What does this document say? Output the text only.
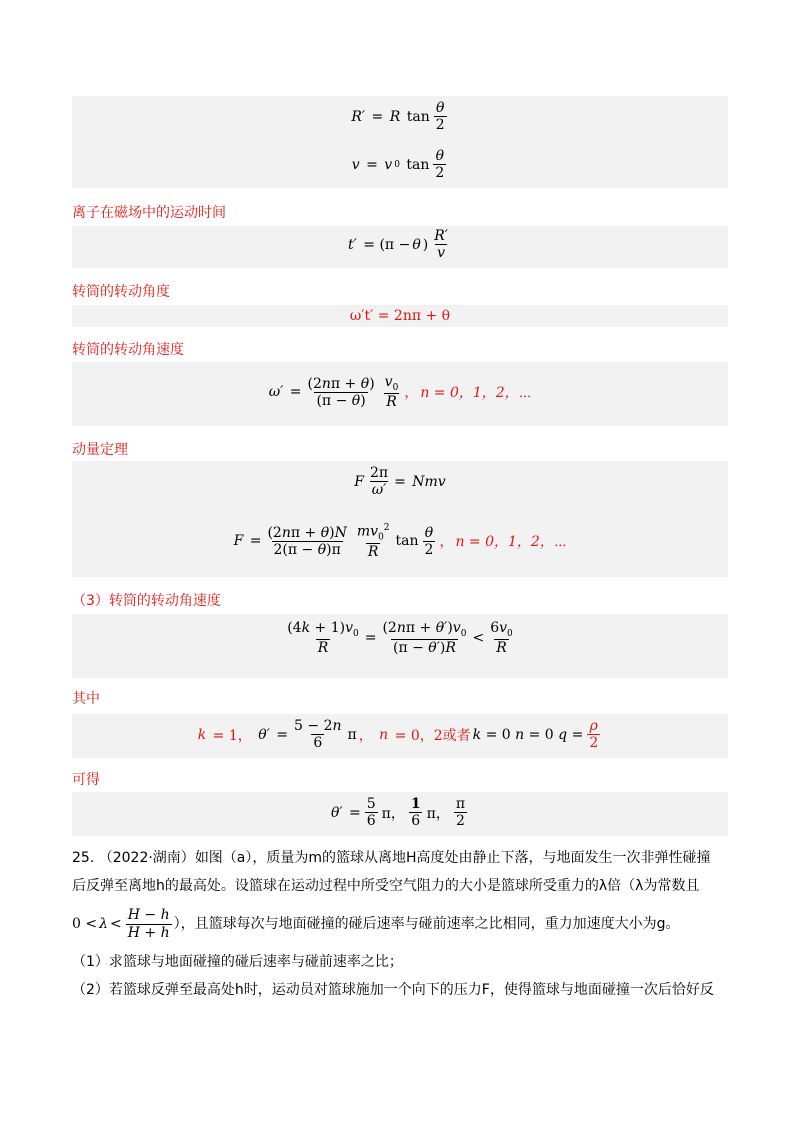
R′ = R $\tan \frac{\theta}{2}$
v = v 0 $\tan \frac{\theta}{2}$
离子在磁场中的运动时间
t′ = (π − θ ) $\frac{R'}{v}$
转筒的转动角度
ω′t′ = 2nπ + θ
转筒的转动角速度
$\omega' = \frac{(2n\pi + \theta)}{(\pi - \theta)} \frac{v_0}{R}$ ， n = 0，1，2，⋯
动量定理
F $\frac{2\pi}{\omega'}$ = Nmv
$F = \frac{(2n\pi + \theta)N}{2(\pi - \theta)\pi} \frac{mv_0^2}{R}$ $\tan \frac{\theta}{2}$ ， n = 0，1，2，⋯
（3）转筒的转动角速度
$\frac{(4k + 1)v_0}{R} = \frac{(2n\pi + \theta')v_0}{(\pi - \theta')R} < \frac{6v_0}{R}$
其中
k = 1， $\theta' = \frac{5 - 2n}{6}$ π ， n = 0，2或者 k = 0 n = 0 $q = \frac{\rho}{2}$
可得
$\theta' = \frac{5}{6}$ π， $\frac{1}{6}$ π， $\frac{\pi}{2}$
25. （2022·湖南）如图（a），质量为m的篮球从离地H高度处由静止下落，与地面发生一次非弹性碰撞
后反弹至离地h的最高处。设篮球在运动过程中所受空气阻力的大小是篮球所受重力的λ倍（λ为常数且
$0 < \lambda < \frac{H - h}{H + h}$ ），且篮球每次与地面碰撞的碰后速率与碰前速率之比相同，重力加速度大小为g。
（1）求篮球与地面碰撞的碰后速率与碰前速率之比；
（2）若篮球反弹至最高处h时，运动员对篮球施加一个向下的压力F，使得篮球与地面碰撞一次后恰好反
